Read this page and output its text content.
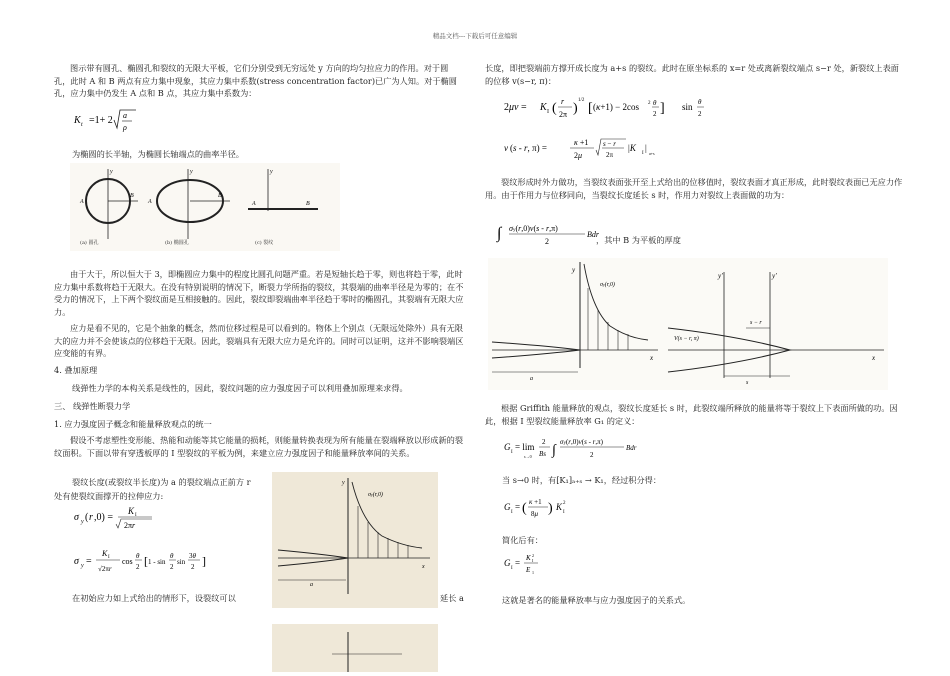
精品文档---下载后可任意编辑
图示带有圆孔、椭圆孔和裂纹的无限大平板，它们分别受到无穷远处 y 方向的均匀拉应力的作用。对于圆孔，此时 A 和 B 两点有应力集中现象，其应力集中系数(stress concentration factor)已广为人知。对于椭圆孔，应力集中仍发生 A 点和 B 点，其应力集中系数为：
K t =1+ 2 a
ρ
为椭圆的长半轴，为椭圆长轴端点的曲率半径。
A
B
y
A
B
y	y
B
A
(a) 圆孔	(b) 椭圆孔	(c) 裂纹
由于大于，所以恒大于 3，即椭圆应力集中的程度比圆孔问题严重。若是短轴长趋于零，则也将趋于零，此时应力集中系数将趋于无限大。在没有特别说明的情况下，断裂力学所指的裂纹，其裂端的曲率半径是为零的；在不受力的情况下，上下两个裂纹面是互相接触的。因此，裂纹即裂端曲率半径趋于零时的椭圆孔，其裂端有无限大应力。
应力是看不见的，它是个抽象的概念，然而位移过程是可以看到的。物体上个别点（无限远处除外）具有无限大的应力并不会使该点的位移趋于无限。因此，裂端具有无限大应力是允许的。同时可以证明，这并不影响裂端区应变能的有界。
4. 叠加原理
线弹性力学的本构关系是线性的，因此，裂纹问题的应力强度因子可以利用叠加原理来求得。
三、 线弹性断裂力学
1. 应力强度因子概念和能量释放观点的统一
假设不考虑塑性变形能、热能和动能等其它能量的损耗，则能量转换表现为所有能量在裂端释放以形成新的裂纹面积。下面以带有穿透板厚的 I 型裂纹的平板为例，来建立应力强度因子和能量释放率间的关系。
裂纹长度(或裂纹半长度)为 a 的裂纹端点正前方 r
处有使裂纹面撑开的拉伸应力:
σ y ( r ,0) =
K I
2πr
σ y =
K I
√2πr
cos
θ
2 [ 1 - sin
θ
2
sin
3θ
2 ]
在初始应力如上式给出的情形下，设裂纹可以	延长 a
y
x
σy(r,0)
a
长度，即把裂端前方撑开成长度为 a+s 的裂纹。此时在原坐标系的 x=r 处或离新裂纹端点 s−r 处，新裂纹上表面的位移 v(s−r, π)：
2μv = K I ( r
2π )
1/2
[ (κ+1) − 2cos 2 θ
2 ] sin θ
2
v (s - r, π) =
κ +1
2μ
s − r
2π
|K
I
|
a+s
裂纹形成时外力做功，当裂纹表面张开至上式给出的位移值时，裂纹表面才真正形成，此时裂纹表面已无应力作用。由于作用力与位移同向，当裂纹长度延长 s 时，作用力对裂纹上表面做的功为：
∫ σy(r,0)v(s - r,π)
2
Bdr
，其中 B 为平板的厚度
y
x
σy(r,0)
a
y′	y′
x
s − r
V(s − r, π)
s
根据 Griffith 能量释放的观点，裂纹长度延长 s 时，此裂纹端所释放的能量将等于裂纹上下表面所做的功。因此，根据 I 型裂纹能量释放率 G₁ 的定义：
G
I
= lim
s→0
2
Bs ∫
σy(r,0)v(s - r,π)
2
Bdr
当 s→0 时，有[K₁]ₐ₊ₛ → K₁，经过积分得：
G
I
= ( κ +1
8μ ) K 2
I
简化后有：
G
I
= K 2
I
E 1
这就是著名的能量释放率与应力强度因子的关系式。
